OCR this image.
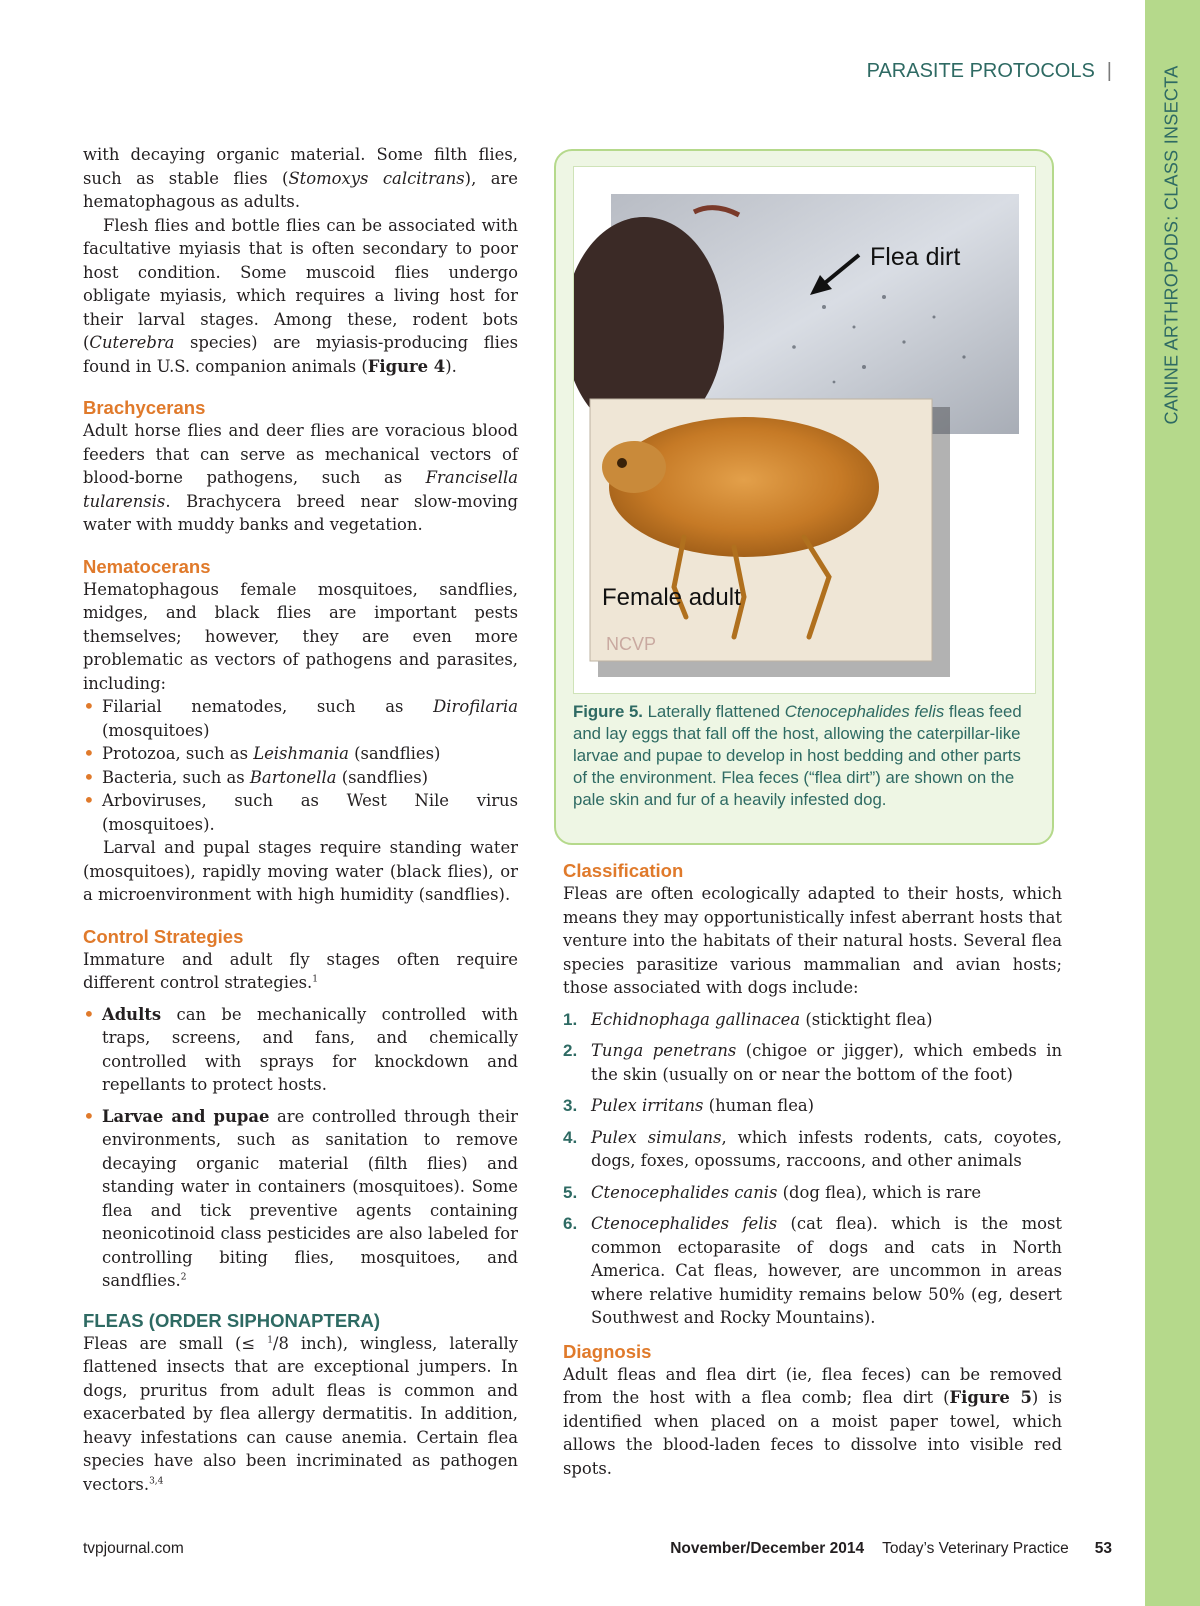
CANINE ARTHROPODS: CLASS INSECTA
PARASITE PROTOCOLS |

with decaying organic material. Some filth flies, such as stable flies (Stomoxys calcitrans), are hematophagous as adults.

Flesh flies and bottle flies can be associated with facultative myiasis that is often secondary to poor host condition. Some muscoid flies undergo obligate myiasis, which requires a living host for their larval stages. Among these, rodent bots (Cuterebra species) are myiasis-producing flies found in U.S. companion animals (Figure 4).

Brachycerans

Adult horse flies and deer flies are voracious blood feeders that can serve as mechanical vectors of blood-borne pathogens, such as Francisella tularensis. Brachycera breed near slow-moving water with muddy banks and vegetation.

Nematocerans

Hematophagous female mosquitoes, sandflies, midges, and black flies are important pests themselves; however, they are even more problematic as vectors of pathogens and parasites, including:

• Filarial nematodes, such as Dirofilaria (mosquitoes)
• Protozoa, such as Leishmania (sandflies)
• Bacteria, such as Bartonella (sandflies)
• Arboviruses, such as West Nile virus (mosquitoes).

Larval and pupal stages require standing water (mosquitoes), rapidly moving water (black flies), or a microenvironment with high humidity (sandflies).

Control Strategies

Immature and adult fly stages often require different control strategies.$^1$

• Adults can be mechanically controlled with traps, screens, and fans, and chemically controlled with sprays for knockdown and repellants to protect hosts.
• Larvae and pupae are controlled through their environments, such as sanitation to remove decaying organic material (filth flies) and standing water in containers (mosquitoes). Some flea and tick preventive agents containing neonicotinoid class pesticides are also labeled for controlling biting flies, mosquitoes, and sandflies.$^2$
FLEAS (ORDER SIPHONAPTERA)

Fleas are small (≤ $^1$/8 inch), wingless, laterally flattened insects that are exceptional jumpers. In dogs, pruritus from adult fleas is common and exacerbated by flea allergy dermatitis. In addition, heavy infestations can cause anemia. Certain flea species have also been incriminated as pathogen vectors.$^{3,4}$

Flea dirt
Female adult
NCVP
Figure 5. Laterally flattened Ctenocephalides felis fleas feed and lay eggs that fall off the host, allowing the caterpillar-like larvae and pupae to develop in host bedding and other parts of the environment. Flea feces (“flea dirt”) are shown on the pale skin and fur of a heavily infested dog.
Classification

Fleas are often ecologically adapted to their hosts, which means they may opportunistically infest aberrant hosts that venture into the habitats of their natural hosts. Several flea species parasitize various mammalian and avian hosts; those associated with dogs include:

1. Echidnophaga gallinacea (sticktight flea)
2. Tunga penetrans (chigoe or jigger), which embeds in the skin (usually on or near the bottom of the foot)
3. Pulex irritans (human flea)
4. Pulex simulans, which infests rodents, cats, coyotes, dogs, foxes, opossums, raccoons, and other animals
5. Ctenocephalides canis (dog flea), which is rare
6. Ctenocephalides felis (cat flea). which is the most common ectoparasite of dogs and cats in North America. Cat fleas, however, are uncommon in areas where relative humidity remains below 50% (eg, desert Southwest and Rocky Mountains).
Diagnosis

Adult fleas and flea dirt (ie, flea feces) can be removed from the host with a flea comb; flea dirt (Figure 5) is identified when placed on a moist paper towel, which allows the blood-laden feces to dissolve into visible red spots.

tvpjournal.com	November/December 2014 Today’s Veterinary Practice 53
